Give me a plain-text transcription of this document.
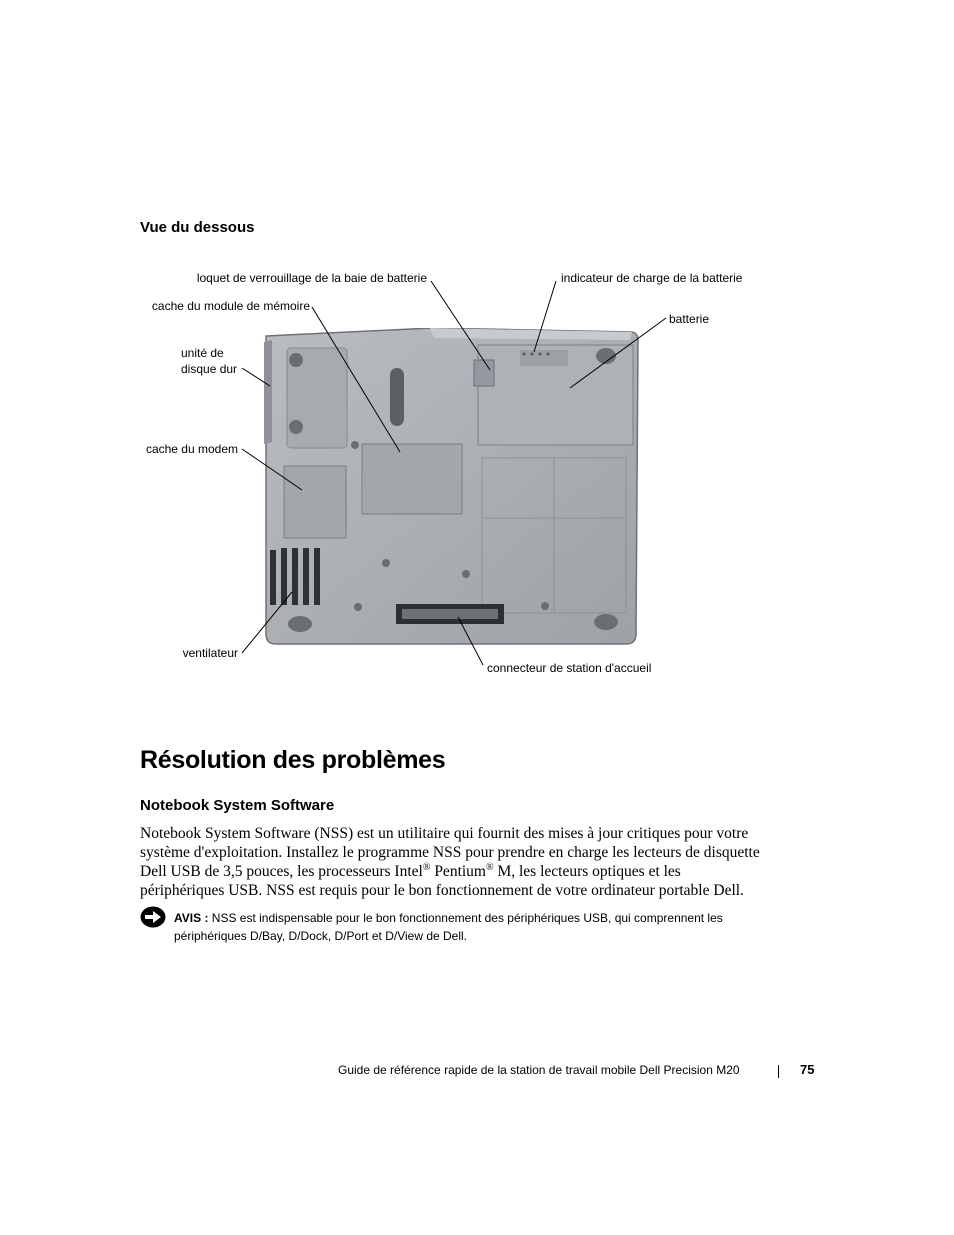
Vue du dessous
loquet de verrouillage de la baie de batterie	indicateur de charge de la batterie
cache du module de mémoire
batterie
unité de
disque dur
cache du modem
ventilateur
connecteur de station d'accueil
Résolution des problèmes
Notebook System Software
Notebook System Software (NSS) est un utilitaire qui fournit des mises à jour critiques pour votre système d'exploitation. Installez le programme NSS pour prendre en charge les lecteurs de disquette Dell USB de 3,5 pouces, les processeurs Intel® Pentium® M, les lecteurs optiques et les périphériques USB. NSS est requis pour le bon fonctionnement de votre ordinateur portable Dell.
AVIS : NSS est indispensable pour le bon fonctionnement des périphériques USB, qui comprennent les périphériques D/Bay, D/Dock, D/Port et D/View de Dell.
Guide de référence rapide de la station de travail mobile Dell Precision M20	75
